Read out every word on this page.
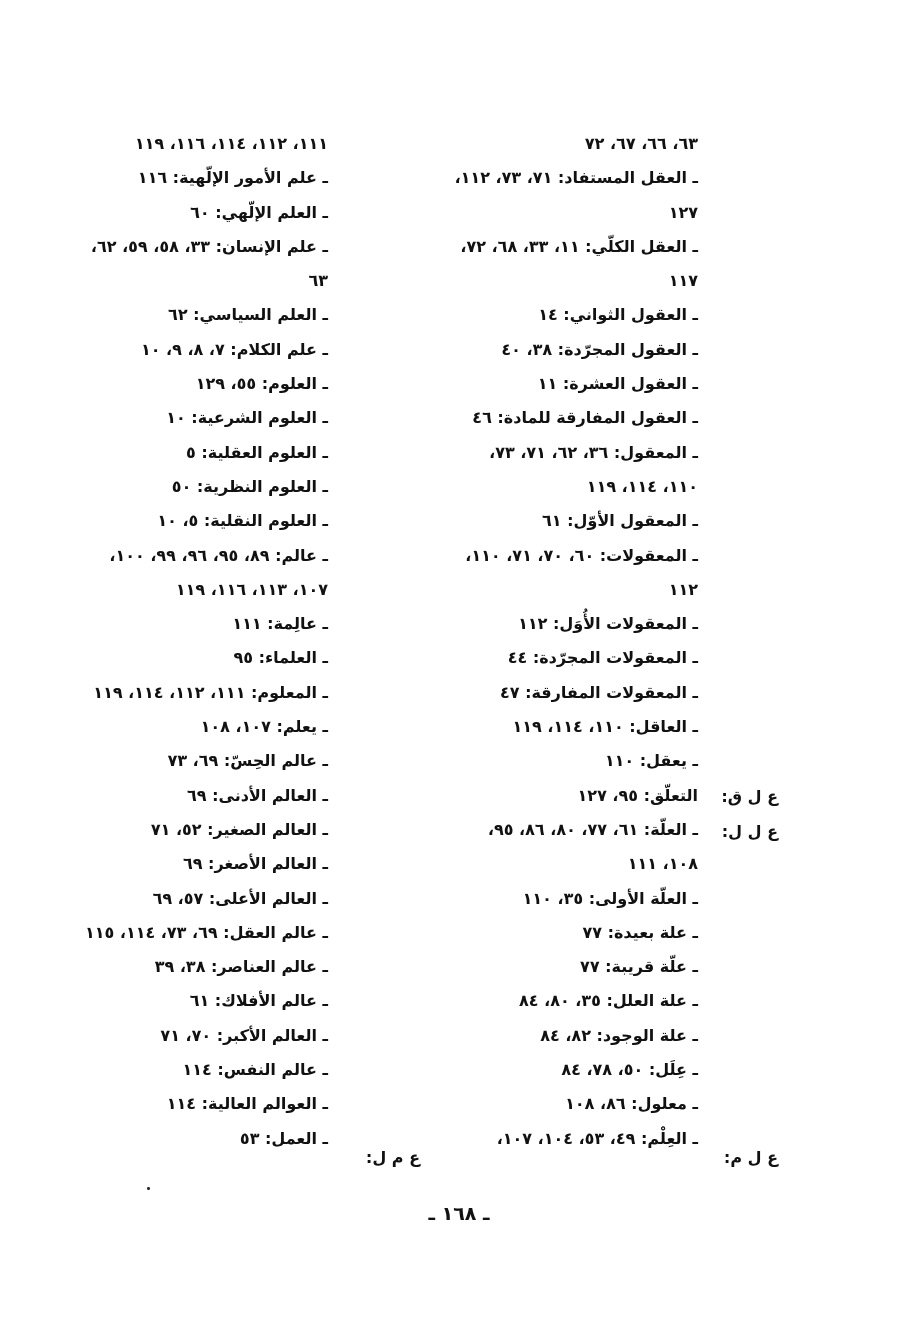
٦٣، ٦٦، ٦٧، ٧٢
ـ العقل المستفاد: ٧١، ٧٣، ١١٢،
١٢٧
ـ العقل الكلّي: ١١، ٣٣، ٦٨، ٧٢،
١١٧
ـ العقول الثواني: ١٤
ـ العقول المجرّدة: ٣٨، ٤٠
ـ العقول العشرة: ١١
ـ العقول المفارقة للمادة: ٤٦
ـ المعقول: ٣٦، ٦٢، ٧١، ٧٣،
١١٠، ١١٤، ١١٩
ـ المعقول الأوّل: ٦١
ـ المعقولات: ٦٠، ٧٠، ٧١، ١١٠،
١١٢
ـ المعقولات الأُوَل: ١١٢
ـ المعقولات المجرّدة: ٤٤
ـ المعقولات المفارقة: ٤٧
ـ العاقل: ١١٠، ١١٤، ١١٩
ـ يعقل: ١١٠
التعلّق: ٩٥، ١٢٧
ـ العلّة: ٦١، ٧٧، ٨٠، ٨٦، ٩٥،
١٠٨، ١١١
ـ العلّة الأولى: ٣٥، ١١٠
ـ علة بعيدة: ٧٧
ـ علّة قريبة: ٧٧
ـ علة العلل: ٣٥، ٨٠، ٨٤
ـ علة الوجود: ٨٢، ٨٤
ـ عِلَل: ٥٠، ٧٨، ٨٤
ـ معلول: ٨٦، ١٠٨
ـ العِلْم: ٤٩، ٥٣، ١٠٤، ١٠٧،
١١١، ١١٢، ١١٤، ١١٦، ١١٩
ـ علم الأمور الإلّهية: ١١٦
ـ العلم الإلّهي: ٦٠
ـ علم الإنسان: ٣٣، ٥٨، ٥٩، ٦٢،
٦٣
ـ العلم السياسي: ٦٢
ـ علم الكلام: ٧، ٨، ٩، ١٠
ـ العلوم: ٥٥، ١٢٩
ـ العلوم الشرعية: ١٠
ـ العلوم العقلية: ٥
ـ العلوم النظرية: ٥٠
ـ العلوم النقلية: ٥، ١٠
ـ عالم: ٨٩، ٩٥، ٩٦، ٩٩، ١٠٠،
١٠٧، ١١٣، ١١٦، ١١٩
ـ عالِمة: ١١١
ـ العلماء: ٩٥
ـ المعلوم: ١١١، ١١٢، ١١٤، ١١٩
ـ يعلم: ١٠٧، ١٠٨
ـ عالم الحِسّ: ٦٩، ٧٣
ـ العالم الأدنى: ٦٩
ـ العالم الصغير: ٥٢، ٧١
ـ العالم الأصغر: ٦٩
ـ العالم الأعلى: ٥٧، ٦٩
ـ عالم العقل: ٦٩، ٧٣، ١١٤، ١١٥
ـ عالم العناصر: ٣٨، ٣٩
ـ عالم الأفلاك: ٦١
ـ العالم الأكبر: ٧٠، ٧١
ـ عالم النفس: ١١٤
ـ العوالم العالية: ١١٤
ـ العمل: ٥٣
ع ل ق:
ع ل ل:
ع ل م:
ع م ل:
ـ ١٦٨ ـ
